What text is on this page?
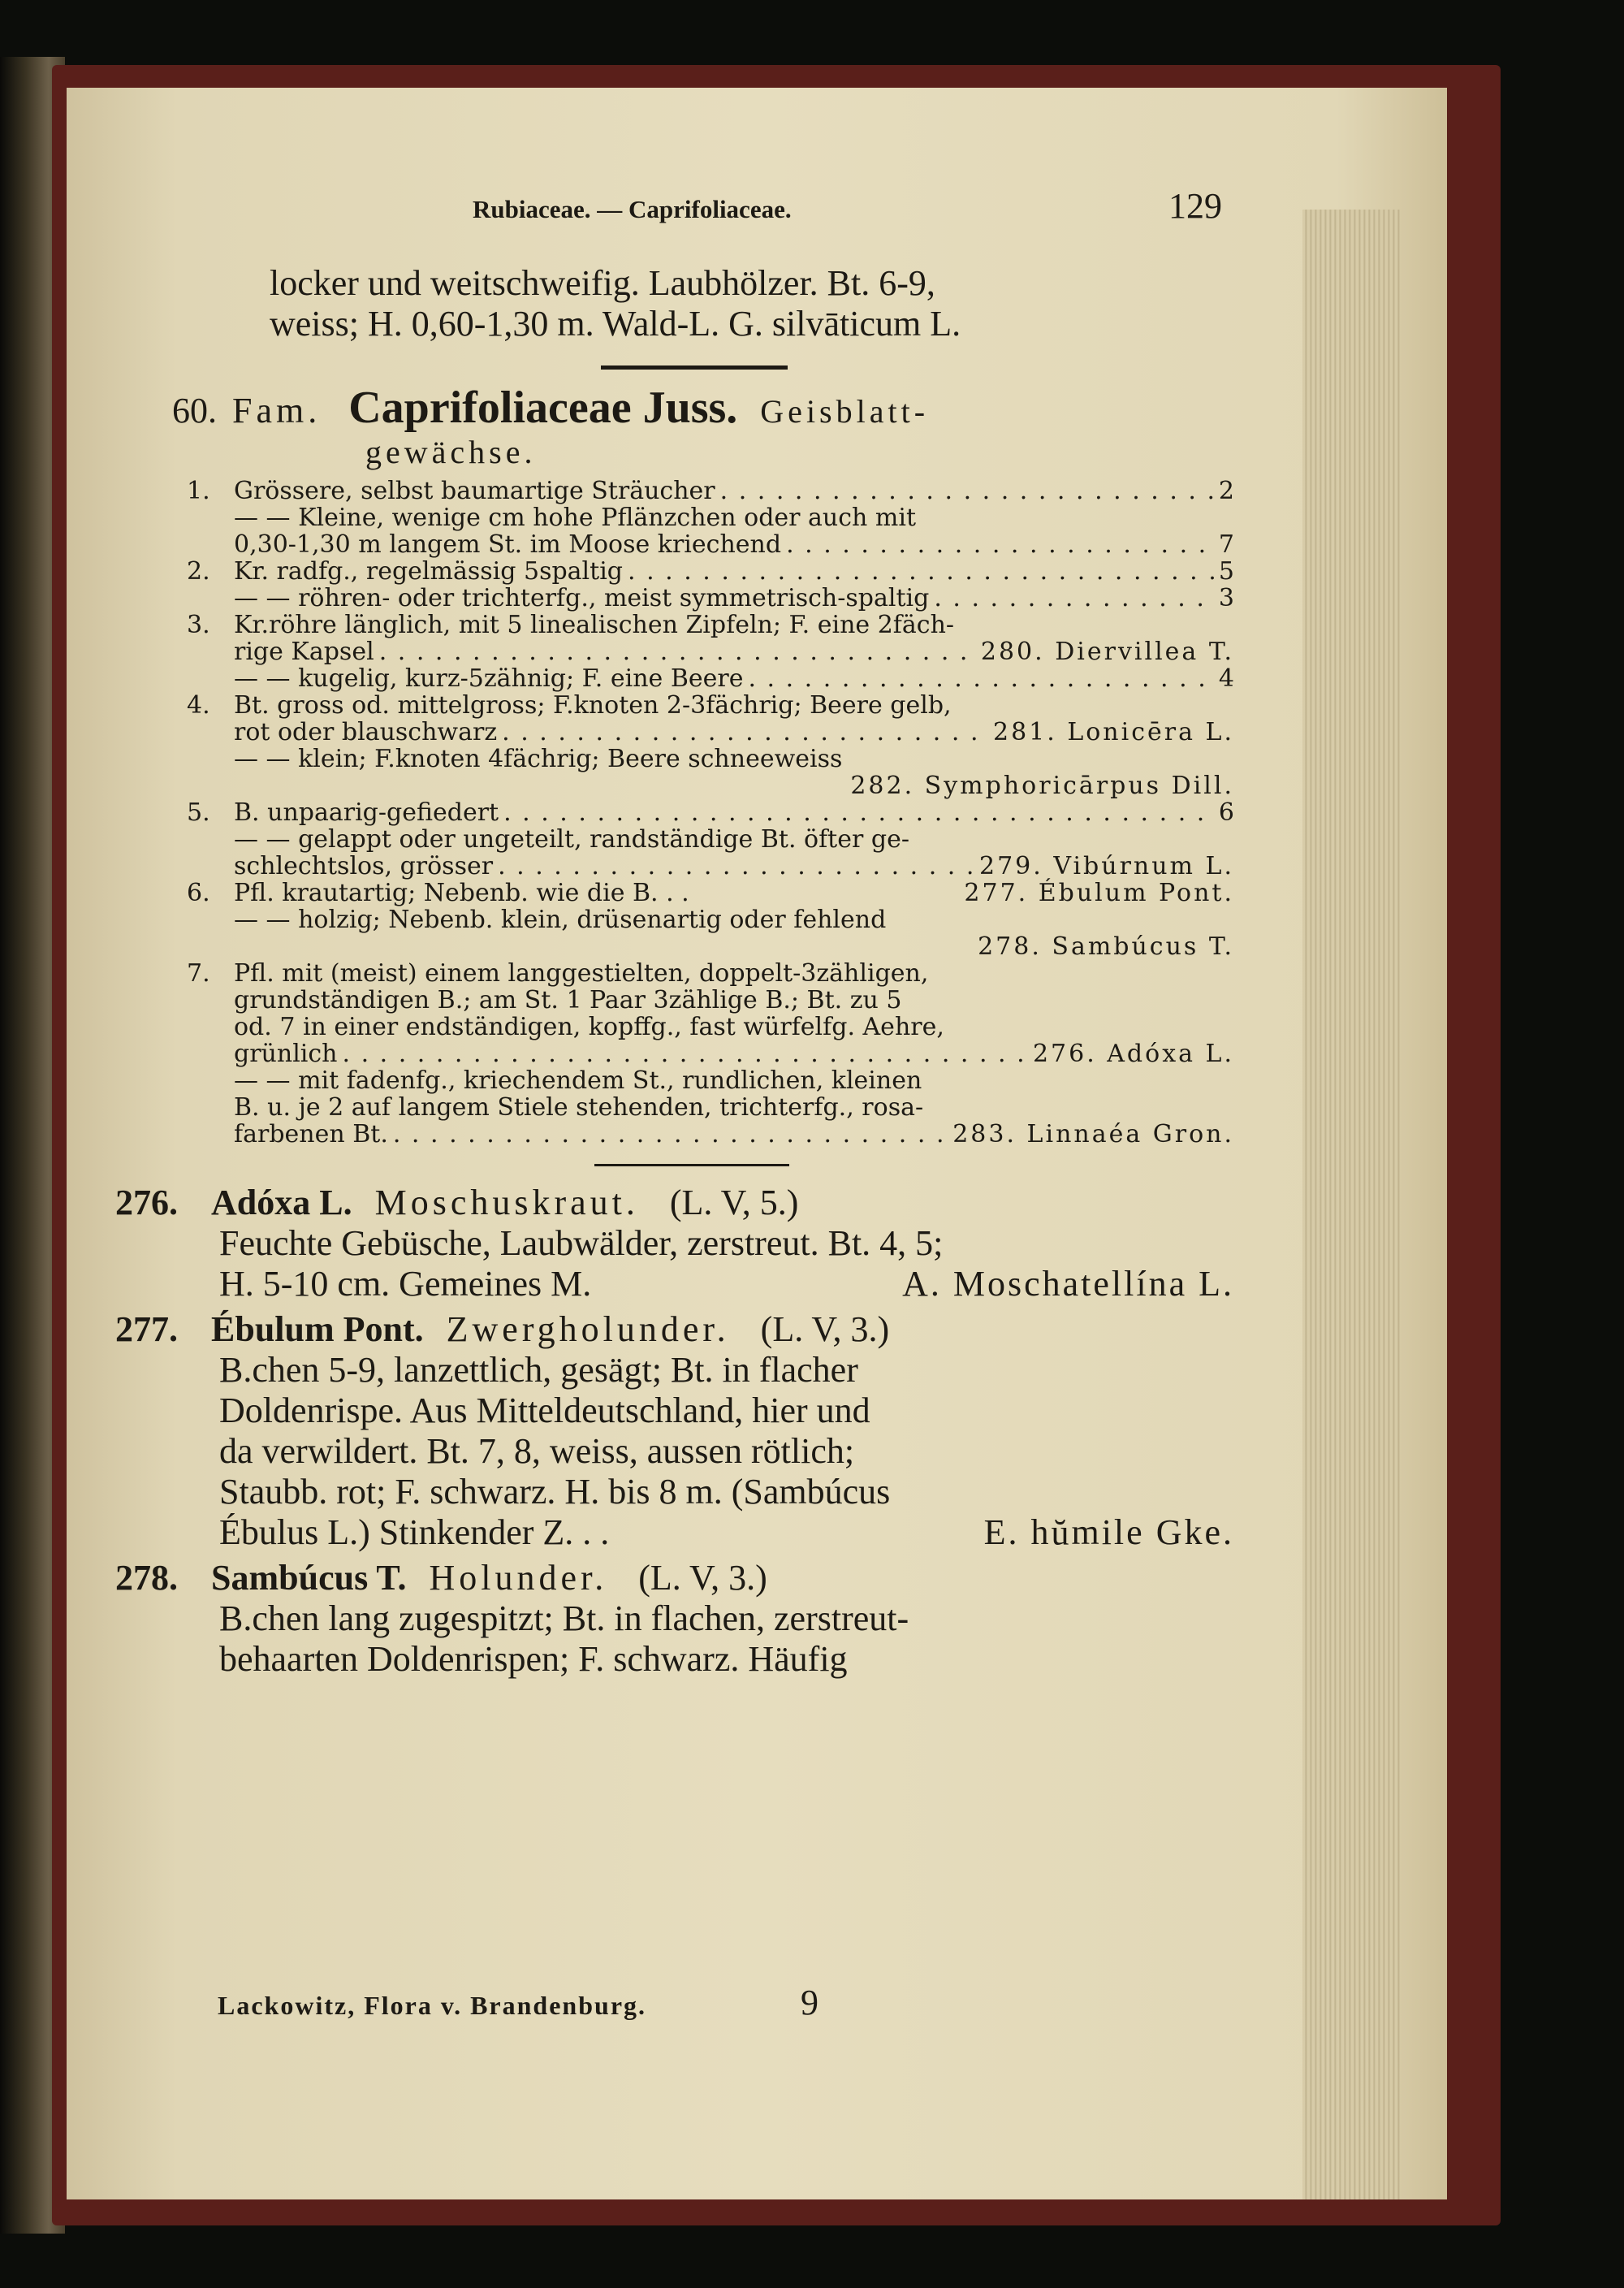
Rubiaceae. — Caprifoliaceae.	129
locker und weitschweifig. Laubhölzer. Bt. 6-9,
weiss; H. 0,60-1,30 m. Wald-L. G. silvāticum L.
60. Fam. Caprifoliaceae Juss. Geisblatt-
gewächse.
1. Grössere, selbst baumartige Sträucher . . .	2
— — Kleine, wenige cm hohe Pflänzchen oder auch mit
0,30-1,30 m langem St. im Moose kriechend . . .	7
2. Kr. radfg., regelmässig 5spaltig . . .	5
— — röhren- oder trichterfg., meist symmetrisch-spaltig . . .	3
3. Kr.röhre länglich, mit 5 linealischen Zipfeln; F. eine 2fäch-
rige Kapsel . . .	280. Diervillea T.
— — kugelig, kurz-5zähnig; F. eine Beere . . .	4
4. Bt. gross od. mittelgross; F.knoten 2-3fächrig; Beere gelb,
rot oder blauschwarz . . .	281. Lonicēra L.
— — klein; F.knoten 4fächrig; Beere schneeweiss
282. Symphoricārpus Dill.
5. B. unpaarig-gefiedert . . .	6
— — gelappt oder ungeteilt, randständige Bt. öfter ge-
schlechtslos, grösser . . .	279. Vibúrnum L.
6. Pfl. krautartig; Nebenb. wie die B. . .	277. Ébulum Pont.
— — holzig; Nebenb. klein, drüsenartig oder fehlend
278. Sambúcus T.
7. Pfl. mit (meist) einem langgestielten, doppelt-3zähligen,
grundständigen B.; am St. 1 Paar 3zählige B.; Bt. zu 5
od. 7 in einer endständigen, kopffg., fast würfelfg. Aehre,
grünlich . . .	276. Adóxa L.
— — mit fadenfg., kriechendem St., rundlichen, kleinen
B. u. je 2 auf langem Stiele stehenden, trichterfg., rosa-
farbenen Bt. . . .	283. Linnaéa Gron.
276. Adóxa L. Moschuskraut. (L. V, 5.)
Feuchte Gebüsche, Laubwälder, zerstreut. Bt. 4, 5;
H. 5-10 cm. Gemeines M.	A. Moschatellína L.
277. Ébulum Pont. Zwergholunder. (L. V, 3.)
B.chen 5-9, lanzettlich, gesägt; Bt. in flacher
Doldenrispe. Aus Mitteldeutschland, hier und
da verwildert. Bt. 7, 8, weiss, aussen rötlich;
Staubb. rot; F. schwarz. H. bis 8 m. (Sambúcus
Ébulus L.) Stinkender Z. . .	E. hŭmile Gke.
278. Sambúcus T. Holunder. (L. V, 3.)
B.chen lang zugespitzt; Bt. in flachen, zerstreut-
behaarten Doldenrispen; F. schwarz. Häufig
Lackowitz, Flora v. Brandenburg.	9
